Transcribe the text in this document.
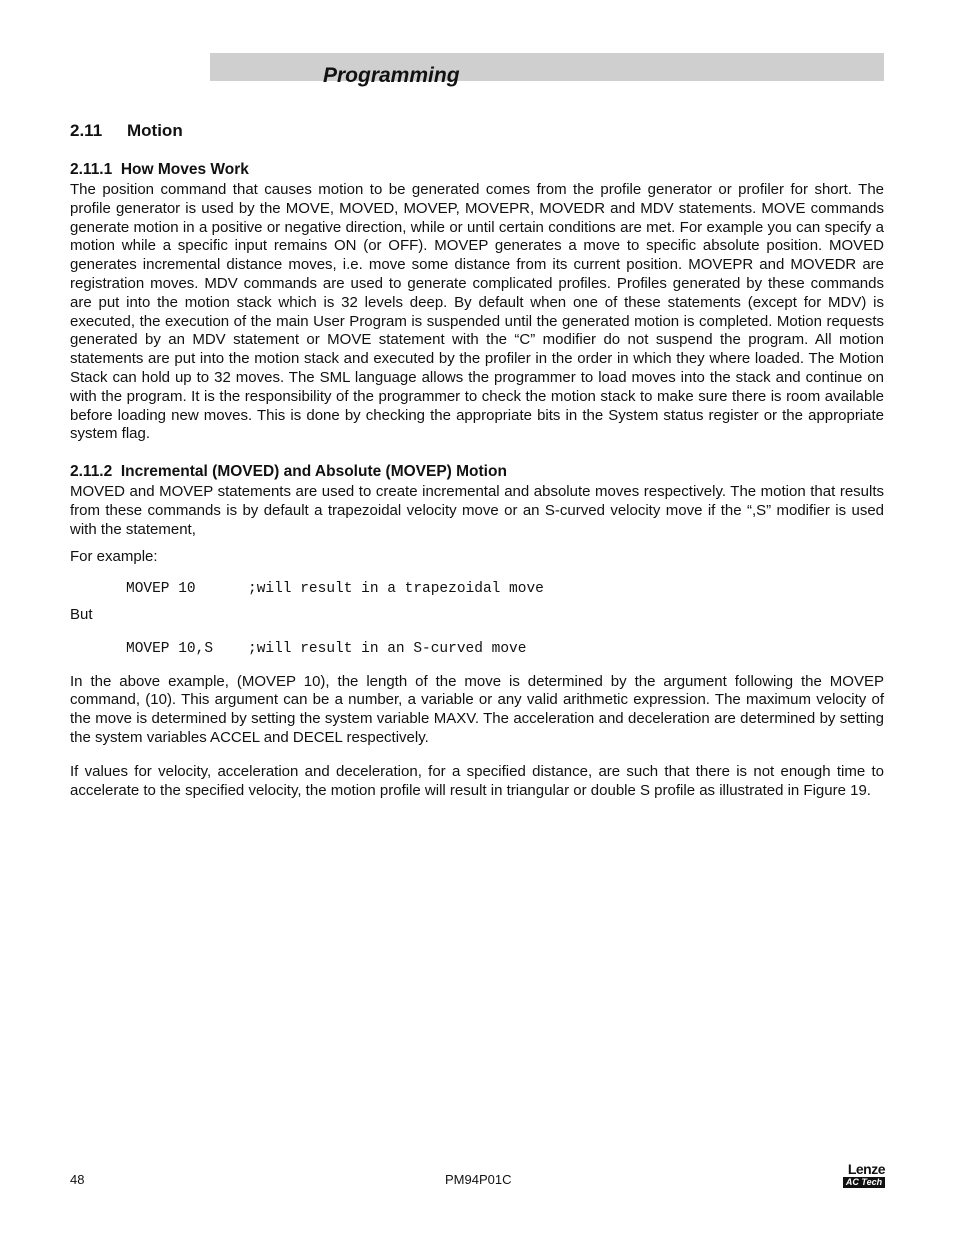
Programming
2.11 Motion
2.11.1  How Moves Work

The position command that causes motion to be generated comes from the profile generator or profiler for short. The profile generator is used by the MOVE, MOVED, MOVEP, MOVEPR, MOVEDR and MDV statements. MOVE commands generate motion in a positive or negative direction, while or until certain conditions are met. For example you can specify a motion while a specific input remains ON (or OFF). MOVEP generates a move to specific absolute position. MOVED generates incremental distance moves, i.e. move some distance from its current position. MOVEPR and MOVEDR are registration moves. MDV commands are used to generate complicated profiles. Profiles generated by these commands are put into the motion stack which is 32 levels deep. By default when one of these statements (except for MDV) is executed, the execution of the main User Program is suspended until the generated motion is completed. Motion requests generated by an MDV statement or MOVE statement with the “C” modifier do not suspend the program. All motion statements are put into the motion stack and executed by the profiler in the order in which they where loaded. The Motion Stack can hold up to 32 moves. The SML language allows the programmer to load moves into the stack and continue on with the program. It is the responsibility of the programmer to check the motion stack to make sure there is room available before loading new moves. This is done by checking the appropriate bits in the System status register or the appropriate system flag.

2.11.2  Incremental (MOVED) and Absolute (MOVEP) Motion

MOVED and MOVEP statements are used to create incremental and absolute moves respectively. The motion that results from these commands is by default a trapezoidal velocity move or an S-curved velocity move if the “,S” modifier is used with the statement,

For example:
MOVEP 10	;will result in a trapezoidal move
But
MOVEP 10,S ;will result in an S-curved move

In the above example, (MOVEP 10), the length of the move is determined by the argument following the MOVEP command, (10). This argument can be a number, a variable or any valid arithmetic expression. The maximum velocity of the move is determined by setting the system variable MAXV. The acceleration and deceleration are determined by setting the system variables ACCEL and DECEL respectively.

If values for velocity, acceleration and deceleration, for a specified distance, are such that there is not enough time to accelerate to the specified velocity, the motion profile will result in triangular or double S profile as illustrated in Figure 19.

48	PM94P01C
Lenze
AC Tech
